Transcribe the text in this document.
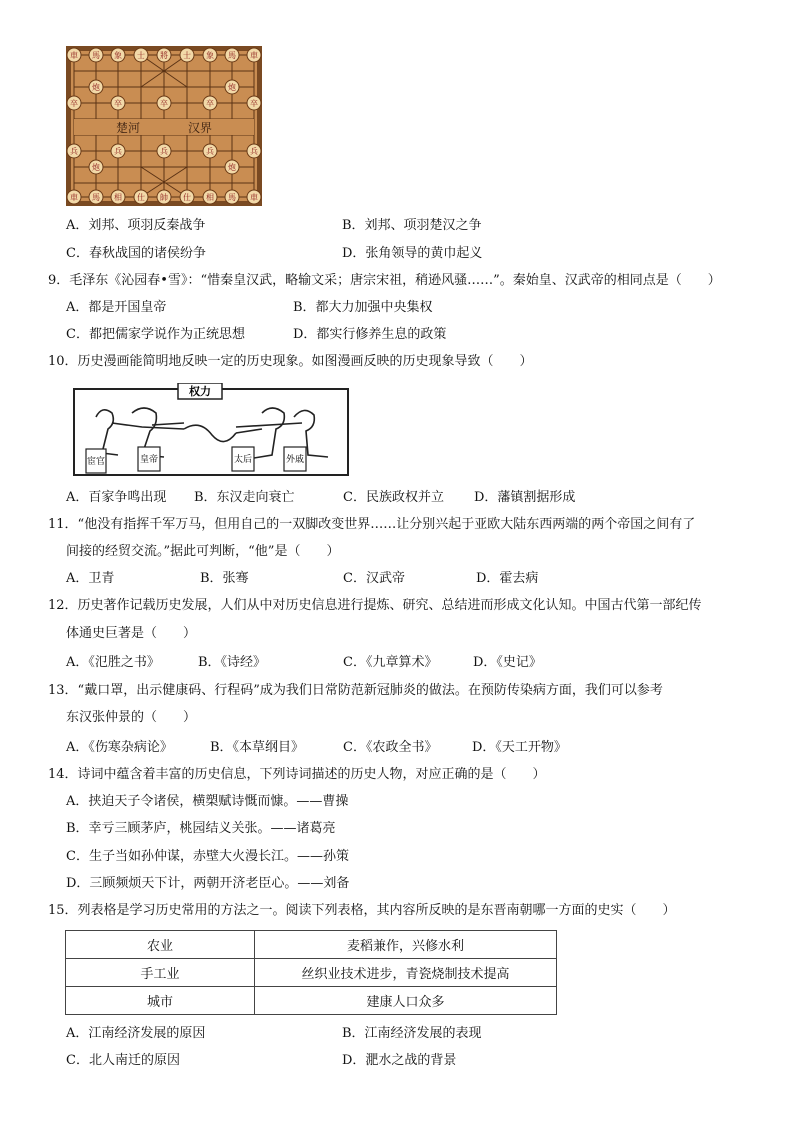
楚河	汉界
車 馬 象 士 將 士 象 馬 車
車 馬 相 仕 帥 仕 相 馬 車
炮	炮
卒	卒	卒	卒	卒
兵	兵	兵	兵	兵
炮	炮
A．刘邦、项羽反秦战争	B．刘邦、项羽楚汉之争
C．春秋战国的诸侯纷争	D．张角领导的黄巾起义
9．毛泽东《沁园春•雪》：“惜秦皇汉武，略输文采；唐宗宋祖，稍逊风骚……”。秦始皇、汉武帝的相同点是（　　）
A．都是开国皇帝	B．都大力加强中央集权
C．都把儒家学说作为正统思想	D．都实行修养生息的政策
10．历史漫画能简明地反映一定的历史现象。如图漫画反映的历史现象导致（　　）
权力
宦官	皇帝	太后	外戚
A．百家争鸣出现 B．东汉走向衰亡	C．民族政权并立 D．藩镇割据形成
11．“他没有指挥千军万马，但用自己的一双脚改变世界……让分别兴起于亚欧大陆东西两端的两个帝国之间有了
间接的经贸交流。”据此可判断，“他”是（　　）
A．卫青	B．张骞	C．汉武帝	D．霍去病
12．历史著作记载历史发展，人们从中对历史信息进行提炼、研究、总结进而形成文化认知。中国古代第一部纪传
体通史巨著是（　　）
A．《氾胜之书》	B．《诗经》	C．《九章算术》	D．《史记》
13．“戴口罩，出示健康码、行程码”成为我们日常防范新冠肺炎的做法。在预防传染病方面，我们可以参考
东汉张仲景的（　　）
A．《伤寒杂病论》	B．《本草纲目》	C．《农政全书》	D．《天工开物》
14．诗词中蕴含着丰富的历史信息，下列诗词描述的历史人物，对应正确的是（　　）
A．挟迫天子令诸侯，横槊赋诗慨而慷。——曹操
B．幸亏三顾茅庐，桃园结义关张。——诸葛亮
C．生子当如孙仲谋，赤壁大火漫长江。——孙策
D．三顾频烦天下计，两朝开济老臣心。——刘备
15．列表格是学习历史常用的方法之一。阅读下列表格，其内容所反映的是东晋南朝哪一方面的史实（　　）
农业	麦稻兼作，兴修水利
手工业	丝织业技术进步，青瓷烧制技术提高
城市	建康人口众多
A．江南经济发展的原因	B．江南经济发展的表现
C．北人南迁的原因	D．淝水之战的背景
